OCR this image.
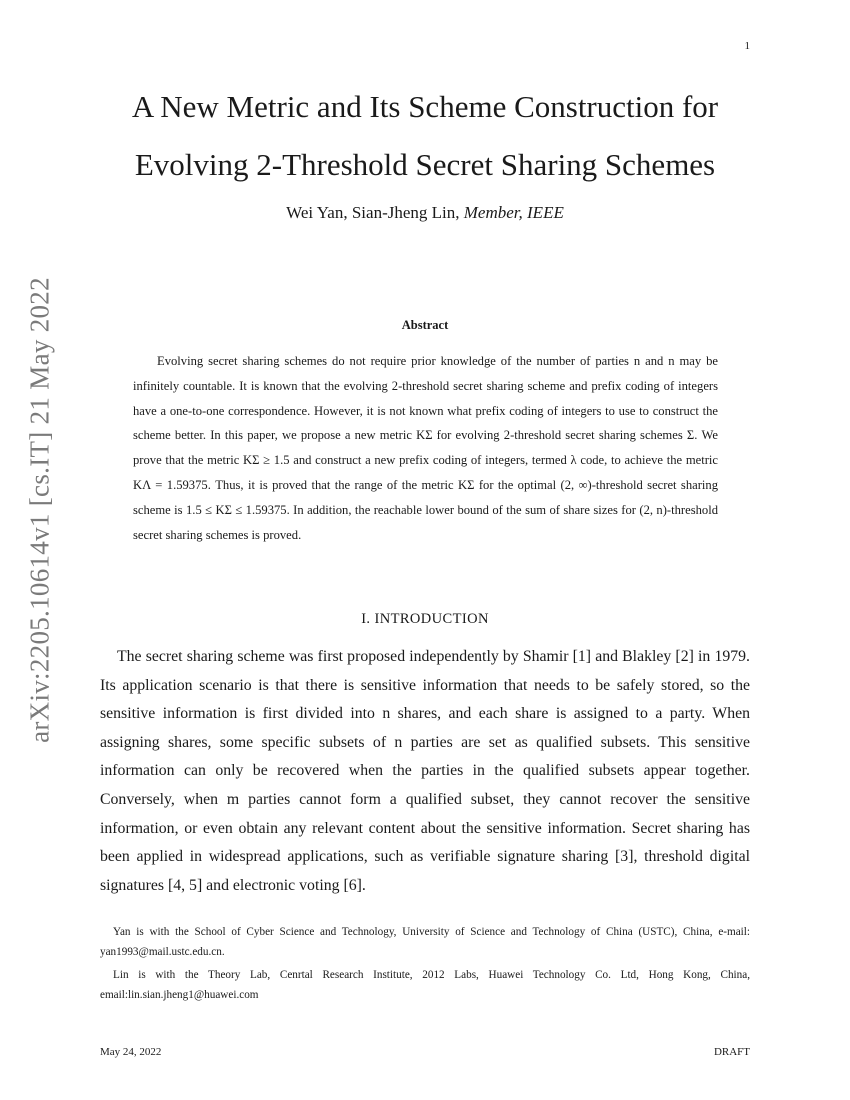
1
arXiv:2205.10614v1 [cs.IT] 21 May 2022
A New Metric and Its Scheme Construction for
Evolving 2-Threshold Secret Sharing Schemes
Wei Yan, Sian-Jheng Lin, Member, IEEE
Abstract

Evolving secret sharing schemes do not require prior knowledge of the number of parties n and n may be infinitely countable. It is known that the evolving 2-threshold secret sharing scheme and prefix coding of integers have a one-to-one correspondence. However, it is not known what prefix coding of integers to use to construct the scheme better. In this paper, we propose a new metric KΣ for evolving 2-threshold secret sharing schemes Σ. We prove that the metric KΣ ≥ 1.5 and construct a new prefix coding of integers, termed λ code, to achieve the metric KΛ = 1.59375. Thus, it is proved that the range of the metric KΣ for the optimal (2, ∞)-threshold secret sharing scheme is 1.5 ≤ KΣ ≤ 1.59375. In addition, the reachable lower bound of the sum of share sizes for (2, n)-threshold secret sharing schemes is proved.

I. INTRODUCTION

The secret sharing scheme was first proposed independently by Shamir [1] and Blakley [2] in 1979. Its application scenario is that there is sensitive information that needs to be safely stored, so the sensitive information is first divided into n shares, and each share is assigned to a party. When assigning shares, some specific subsets of n parties are set as qualified subsets. This sensitive information can only be recovered when the parties in the qualified subsets appear together. Conversely, when m parties cannot form a qualified subset, they cannot recover the sensitive information, or even obtain any relevant content about the sensitive information. Secret sharing has been applied in widespread applications, such as verifiable signature sharing [3], threshold digital signatures [4, 5] and electronic voting [6].

Yan is with the School of Cyber Science and Technology, University of Science and Technology of China (USTC), China, e-mail: yan1993@mail.ustc.edu.cn.

Lin is with the Theory Lab, Cenrtal Research Institute, 2012 Labs, Huawei Technology Co. Ltd, Hong Kong, China, email:lin.sian.jheng1@huawei.com

May 24, 2022	DRAFT
